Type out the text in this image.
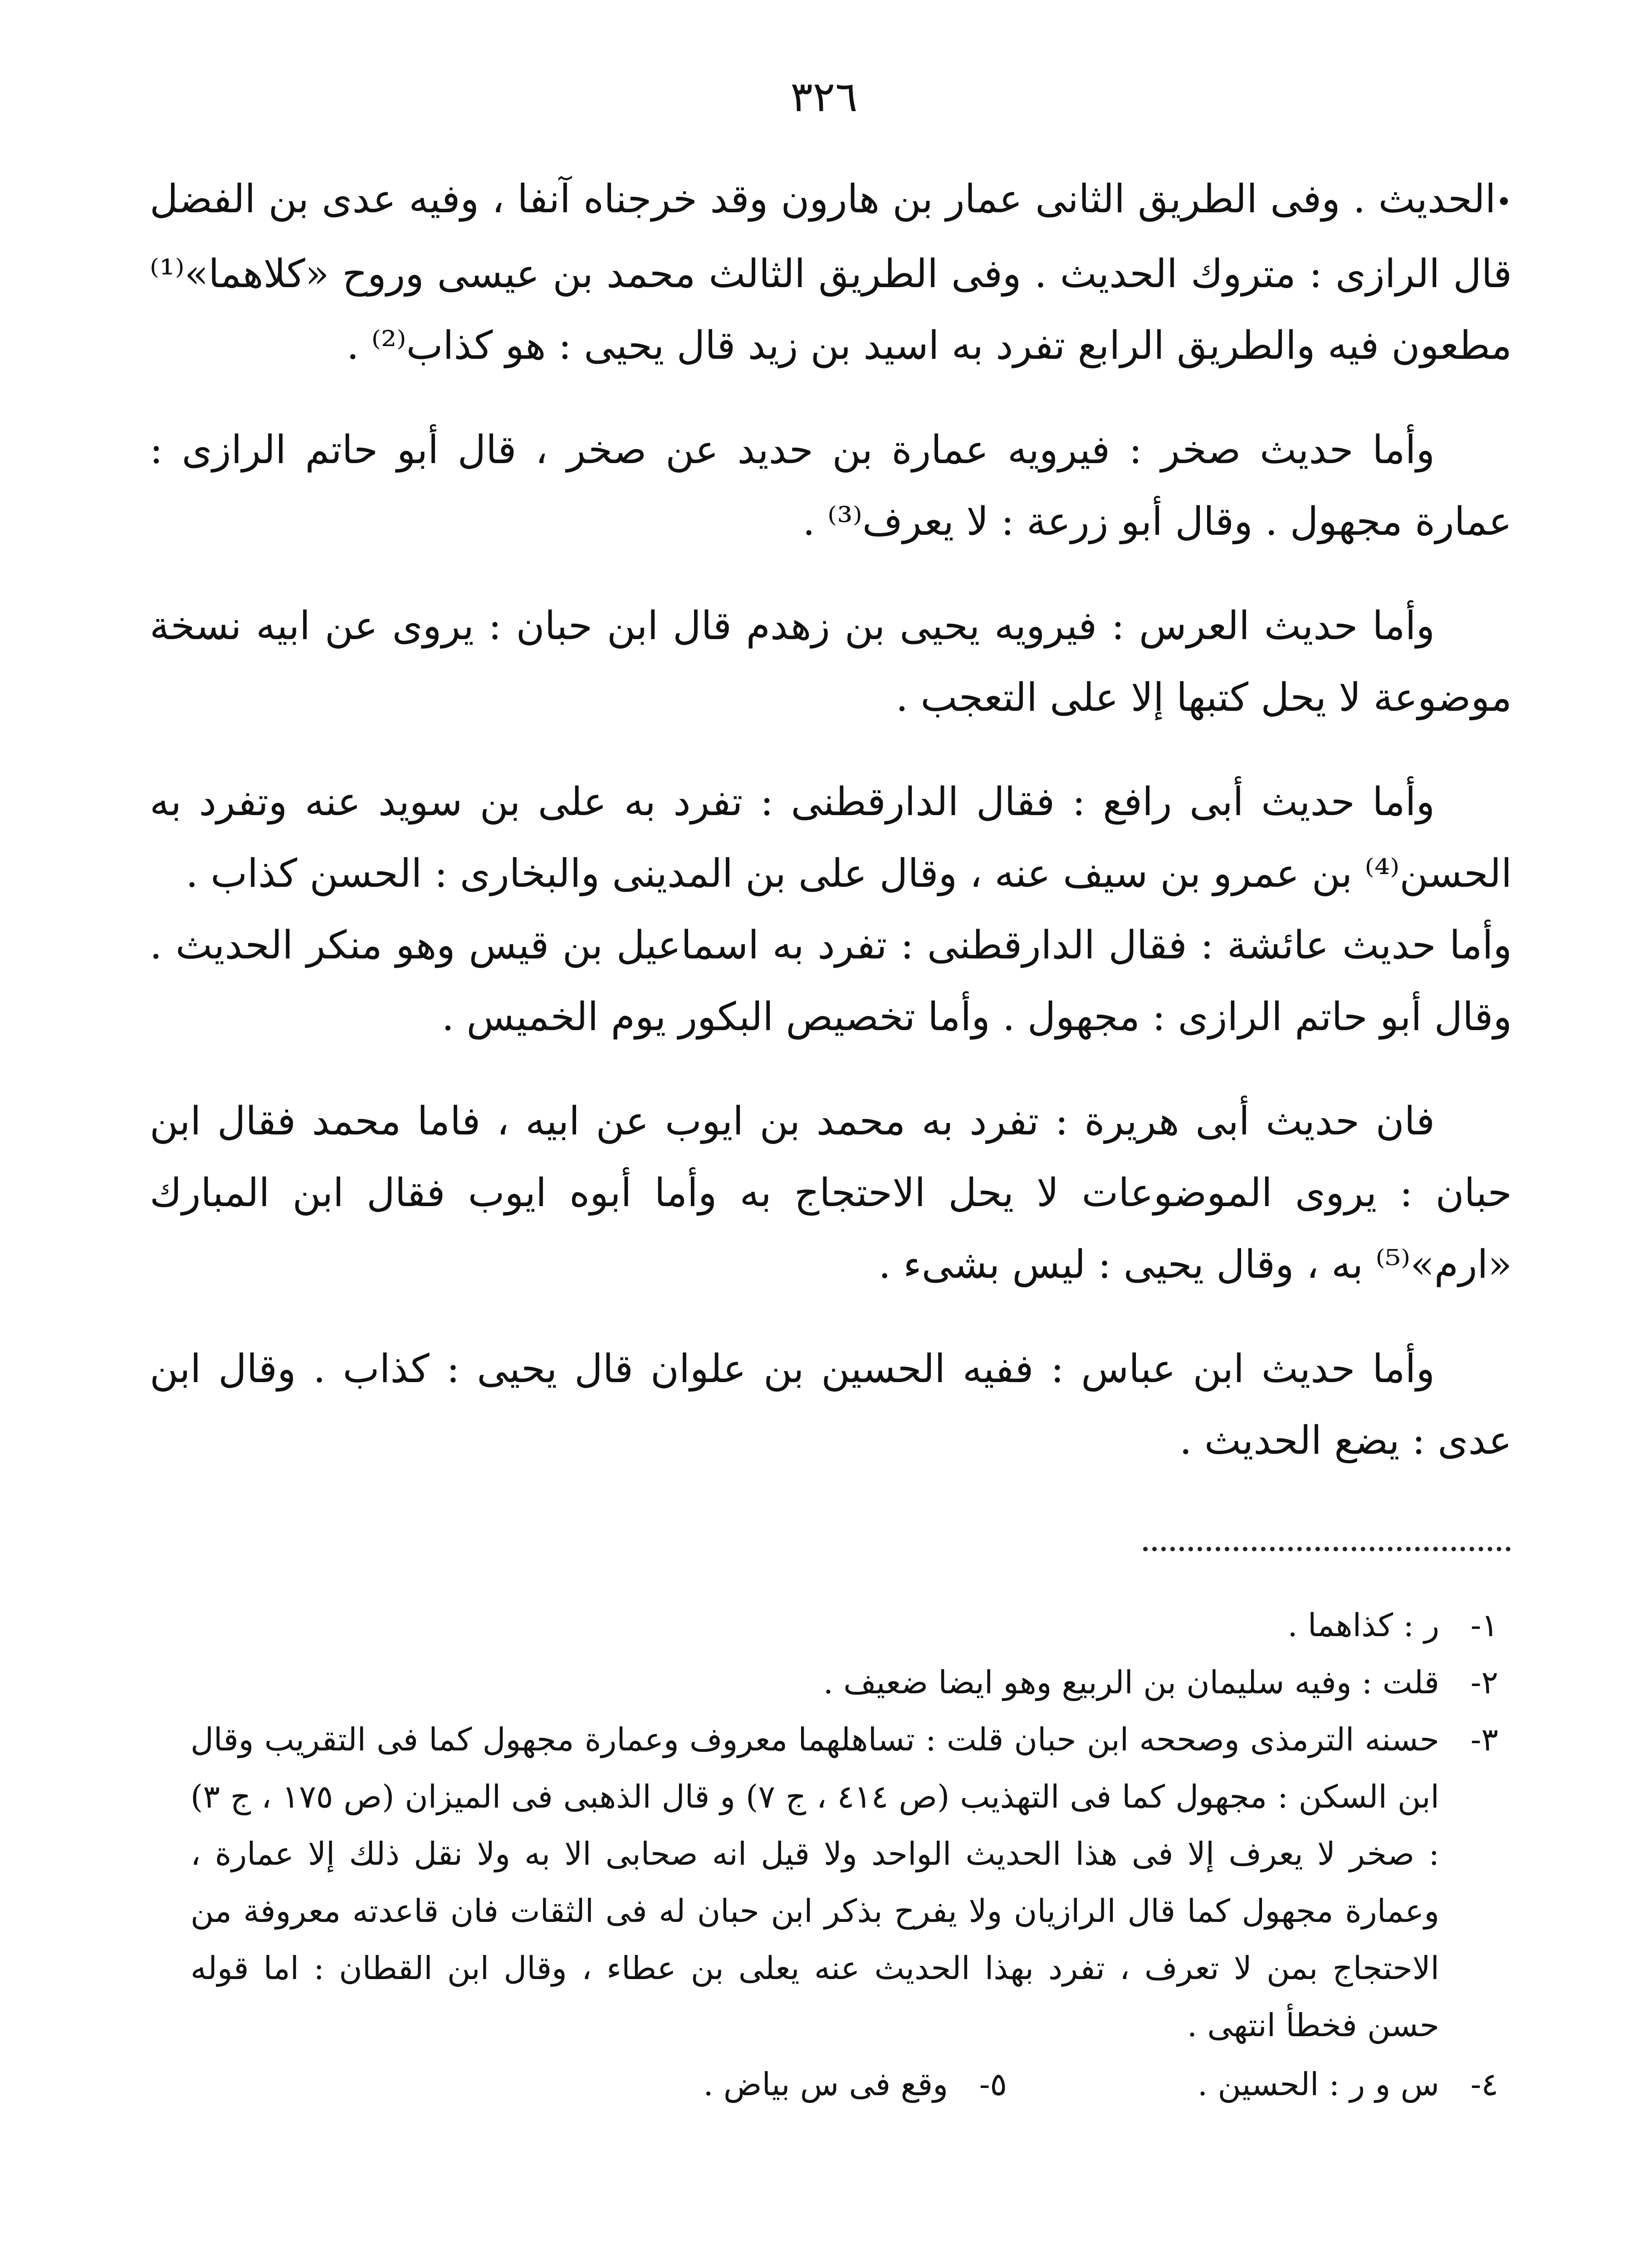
٣٢٦

•الحديث . وفى الطريق الثانى عمار بن هارون وقد خرجناه آنفا ، وفيه عدى بن الفضل قال الرازى : متروك الحديث . وفى الطريق الثالث محمد بن عيسى وروح «كلاهما»⁽¹⁾ مطعون فيه والطريق الرابع تفرد به اسيد بن زيد قال يحيى : هو كذاب⁽²⁾ .

وأما حديث صخر : فيرويه عمارة بن حديد عن صخر ، قال أبو حاتم الرازى : عمارة مجهول . وقال أبو زرعة : لا يعرف⁽³⁾ .

وأما حديث العرس : فيرويه يحيى بن زهدم قال ابن حبان : يروى عن ابيه نسخة موضوعة لا يحل كتبها إلا على التعجب .

وأما حديث أبى رافع : فقال الدارقطنى : تفرد به على بن سويد عنه وتفرد به الحسن⁽⁴⁾ بن عمرو بن سيف عنه ، وقال على بن المدينى والبخارى : الحسن كذاب .

وأما حديث عائشة : فقال الدارقطنى : تفرد به اسماعيل بن قيس وهو منكر الحديث . وقال أبو حاتم الرازى : مجهول . وأما تخصيص البكور يوم الخميس .

فان حديث أبى هريرة : تفرد به محمد بن ايوب عن ابيه ، فاما محمد فقال ابن حبان : يروى الموضوعات لا يحل الاحتجاج به وأما أبوه ايوب فقال ابن المبارك «ارم»⁽⁵⁾ به ، وقال يحيى : ليس بشىء .

وأما حديث ابن عباس : ففيه الحسين بن علوان قال يحيى : كذاب . وقال ابن عدى : يضع الحديث .

١-
ر : كذاهما .
٢-
قلت : وفيه سليمان بن الربيع وهو ايضا ضعيف .
٣-
حسنه الترمذى وصححه ابن حبان قلت : تساهلهما معروف وعمارة مجهول كما فى التقريب وقال ابن السكن : مجهول كما فى التهذيب (ص ٤١٤ ، ج ٧) و قال الذهبى فى الميزان (ص ١٧٥ ، ج ٣) : صخر لا يعرف إلا فى هذا الحديث الواحد ولا قيل انه صحابى الا به ولا نقل ذلك إلا عمارة ، وعمارة مجهول كما قال الرازيان ولا يفرح بذكر ابن حبان له فى الثقات فان قاعدته معروفة من الاحتجاج بمن لا تعرف ، تفرد بهذا الحديث عنه يعلى بن عطاء ، وقال ابن القطان : اما قوله حسن فخطأ انتهى .
٤-
س و ر : الحسين .
٥-
وقع فى س بياض .
